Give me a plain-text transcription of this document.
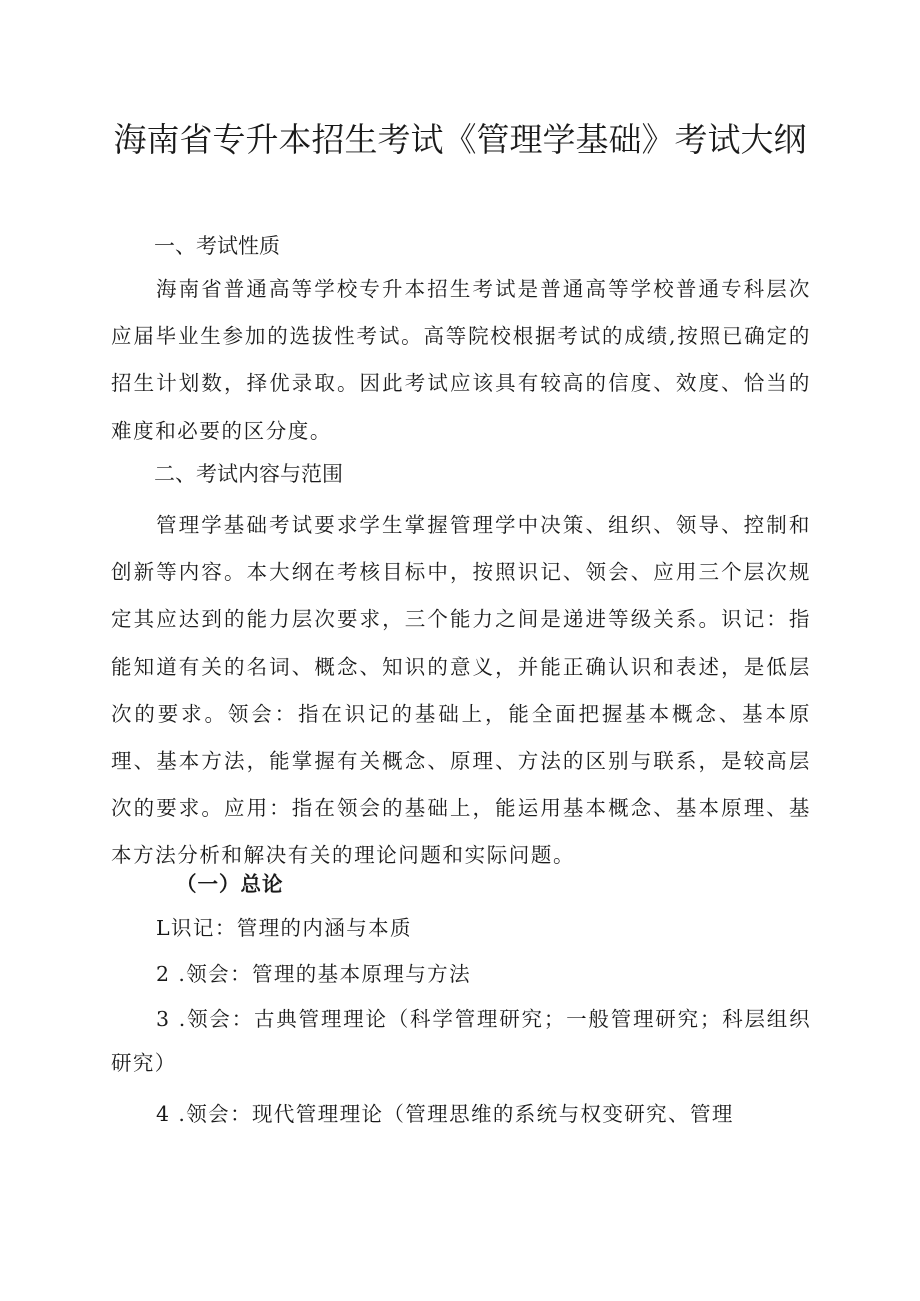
海南省专升本招生考试《管理学基础》考试大纲
一、考试性质

海南省普通高等学校专升本招生考试是普通高等学校普通专科层次应届毕业生参加的选拔性考试。高等院校根据考试的成绩,按照已确定的招生计划数，择优录取。因此考试应该具有较高的信度、效度、恰当的难度和必要的区分度。

二、考试内容与范围

管理学基础考试要求学生掌握管理学中决策、组织、领导、控制和创新等内容。本大纲在考核目标中，按照识记、领会、应用三个层次规定其应达到的能力层次要求，三个能力之间是递进等级关系。识记：指能知道有关的名词、概念、知识的意义，并能正确认识和表述，是低层次的要求。领会：指在识记的基础上，能全面把握基本概念、基本原理、基本方法，能掌握有关概念、原理、方法的区别与联系，是较高层次的要求。应用：指在领会的基础上，能运用基本概念、基本原理、基本方法分析和解决有关的理论问题和实际问题。

（一）总论

L识记：管理的内涵与本质

2 .领会：管理的基本原理与方法

3 .领会：古典管理理论（科学管理研究；一般管理研究；科层组织研究）

4 .领会：现代管理理论（管理思维的系统与权变研究、管理
